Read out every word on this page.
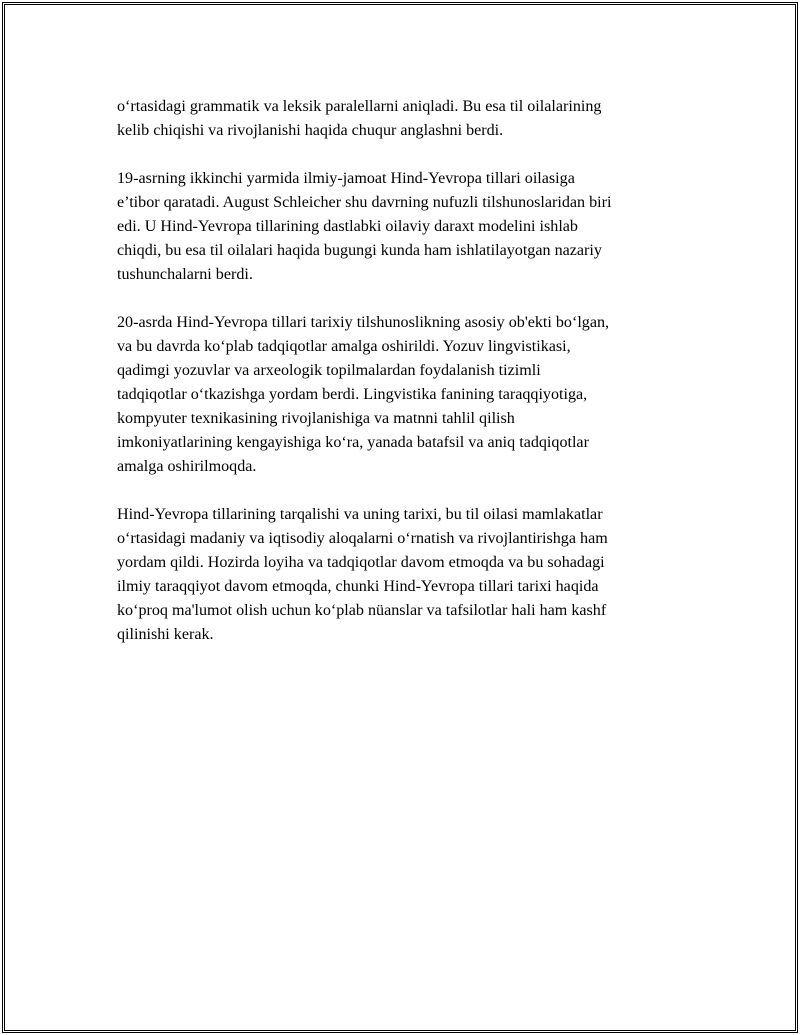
o‘rtasidagi grammatik va leksik paralellarni aniqladi. Bu esa til oilalarining
kelib chiqishi va rivojlanishi haqida chuqur anglashni berdi.

19-asrning ikkinchi yarmida ilmiy-jamoat Hind-Yevropa tillari oilasiga
e’tibor qaratadi. August Schleicher shu davrning nufuzli tilshunoslaridan biri
edi. U Hind-Yevropa tillarining dastlabki oilaviy daraxt modelini ishlab
chiqdi, bu esa til oilalari haqida bugungi kunda ham ishlatilayotgan nazariy
tushunchalarni berdi.

20-asrda Hind-Yevropa tillari tarixiy tilshunoslikning asosiy ob'ekti bo‘lgan,
va bu davrda ko‘plab tadqiqotlar amalga oshirildi. Yozuv lingvistikasi,
qadimgi yozuvlar va arxeologik topilmalardan foydalanish tizimli
tadqiqotlar o‘tkazishga yordam berdi. Lingvistika fanining taraqqiyotiga,
kompyuter texnikasining rivojlanishiga va matnni tahlil qilish
imkoniyatlarining kengayishiga ko‘ra, yanada batafsil va aniq tadqiqotlar
amalga oshirilmoqda.

Hind-Yevropa tillarining tarqalishi va uning tarixi, bu til oilasi mamlakatlar
o‘rtasidagi madaniy va iqtisodiy aloqalarni o‘rnatish va rivojlantirishga ham
yordam qildi. Hozirda loyiha va tadqiqotlar davom etmoqda va bu sohadagi
ilmiy taraqqiyot davom etmoqda, chunki Hind-Yevropa tillari tarixi haqida
ko‘proq ma'lumot olish uchun ko‘plab nüanslar va tafsilotlar hali ham kashf
qilinishi kerak.
